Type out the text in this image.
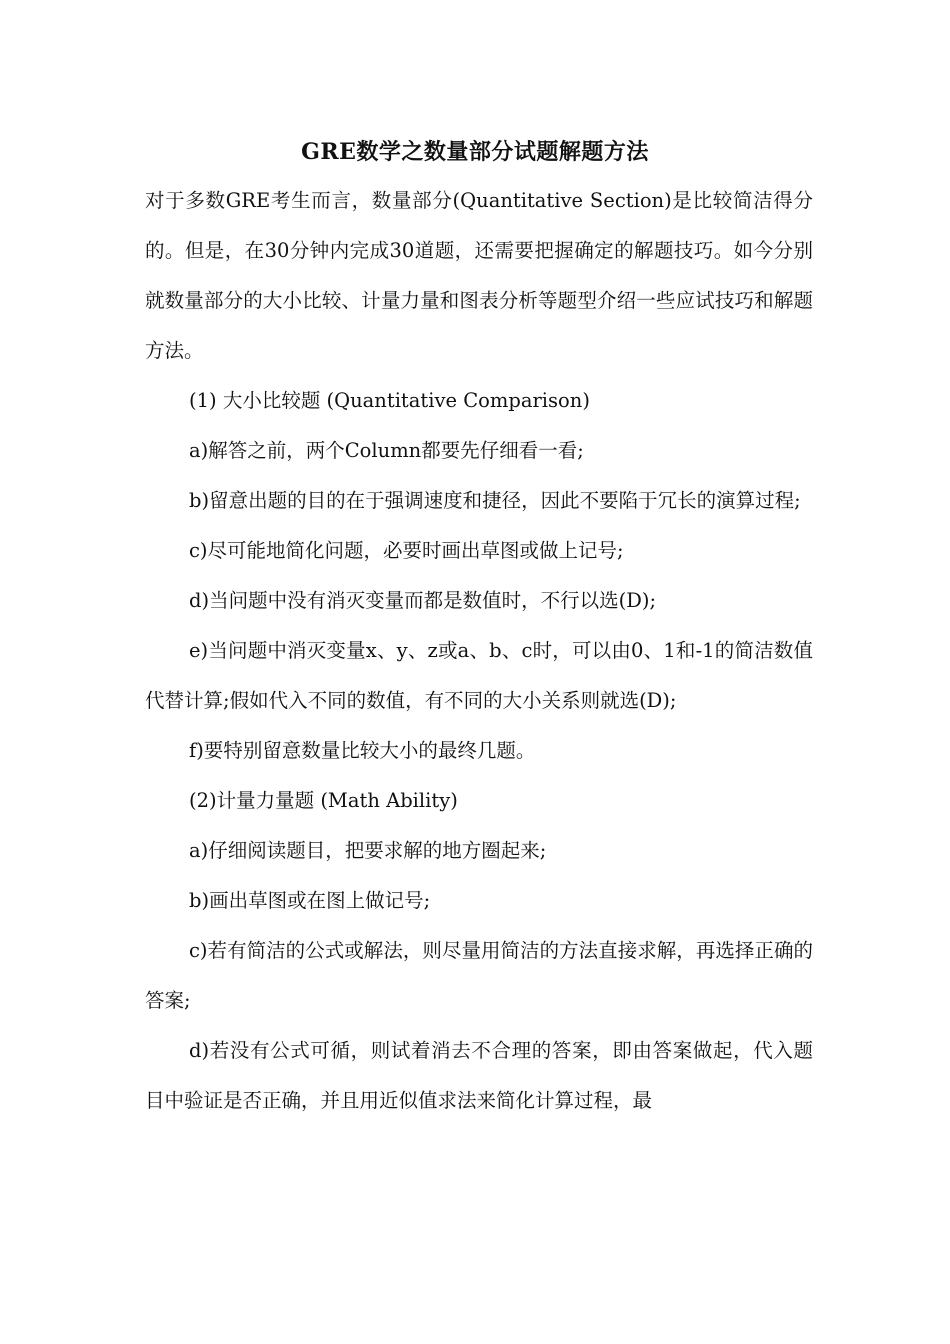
GRE数学之数量部分试题解题方法

对于多数GRE考生而言，数量部分(Quantitative Section)是比较简洁得分的。但是，在30分钟内完成30道题，还需要把握确定的解题技巧。如今分别就数量部分的大小比较、计量力量和图表分析等题型介绍一些应试技巧和解题方法。

(1) 大小比较题 (Quantitative Comparison)

a)解答之前，两个Column都要先仔细看一看;

b)留意出题的目的在于强调速度和捷径，因此不要陷于冗长的演算过程;

c)尽可能地简化问题，必要时画出草图或做上记号;

d)当问题中没有消灭变量而都是数值时，不行以选(D);

e)当问题中消灭变量x、y、z或a、b、c时，可以由0、1和-1的简洁数值代替计算;假如代入不同的数值，有不同的大小关系则就选(D);

f)要特别留意数量比较大小的最终几题。

(2)计量力量题 (Math Ability)

a)仔细阅读题目，把要求解的地方圈起来;

b)画出草图或在图上做记号;

c)若有简洁的公式或解法，则尽量用简洁的方法直接求解，再选择正确的答案;

d)若没有公式可循，则试着消去不合理的答案，即由答案做起，代入题目中验证是否正确，并且用近似值求法来简化计算过程，最
